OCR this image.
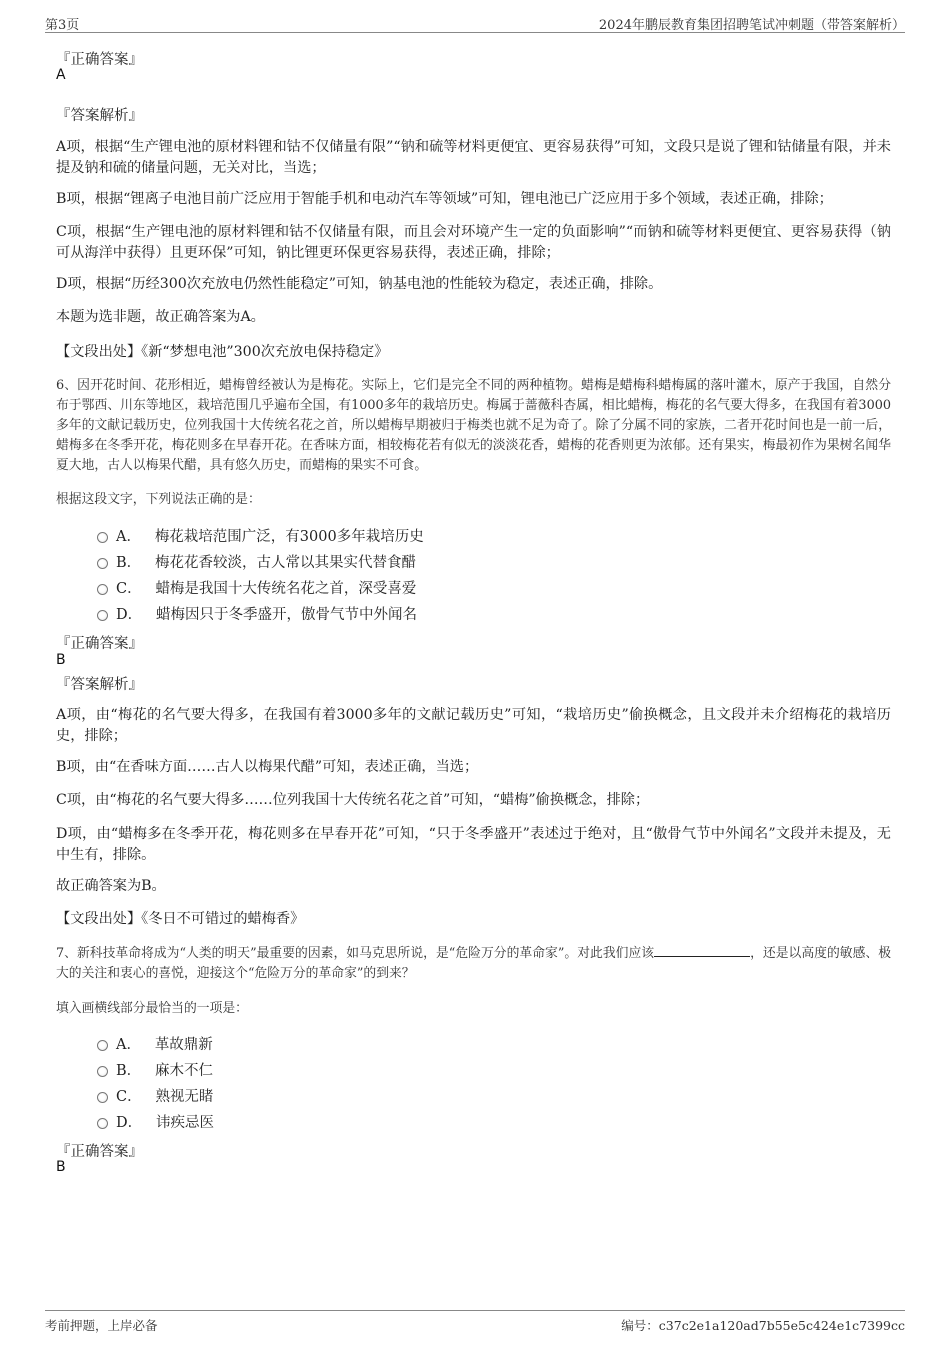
第3页	2024年鹏辰教育集团招聘笔试冲刺题（带答案解析）
『正确答案』
A
『答案解析』
A项，根据“生产锂电池的原材料锂和钴不仅储量有限”“钠和硫等材料更便宜、更容易获得”可知，文段只是说了锂和钴储量有限，并未提及钠和硫的储量问题，无关对比，当选；
B项，根据“锂离子电池目前广泛应用于智能手机和电动汽车等领域”可知，锂电池已广泛应用于多个领域，表述正确，排除；
C项，根据“生产锂电池的原材料锂和钴不仅储量有限，而且会对环境产生一定的负面影响”“而钠和硫等材料更便宜、更容易获得（钠可从海洋中获得）且更环保”可知，钠比锂更环保更容易获得，表述正确，排除；
D项，根据“历经300次充放电仍然性能稳定”可知，钠基电池的性能较为稳定，表述正确，排除。
本题为选非题，故正确答案为A。
【文段出处】《新“梦想电池”300次充放电保持稳定》
6、因开花时间、花形相近，蜡梅曾经被认为是梅花。实际上，它们是完全不同的两种植物。蜡梅是蜡梅科蜡梅属的落叶灌木，原产于我国，自然分布于鄂西、川东等地区，栽培范围几乎遍布全国，有1000多年的栽培历史。梅属于蔷薇科杏属，相比蜡梅，梅花的名气要大得多，在我国有着3000多年的文献记载历史，位列我国十大传统名花之首，所以蜡梅早期被归于梅类也就不足为奇了。除了分属不同的家族，二者开花时间也是一前一后，蜡梅多在冬季开花，梅花则多在早春开花。在香味方面，相较梅花若有似无的淡淡花香，蜡梅的花香则更为浓郁。还有果实，梅最初作为果树名闻华夏大地，古人以梅果代醋，具有悠久历史，而蜡梅的果实不可食。
根据这段文字，下列说法正确的是：
A． 梅花栽培范围广泛，有3000多年栽培历史
B． 梅花花香较淡，古人常以其果实代替食醋
C． 蜡梅是我国十大传统名花之首，深受喜爱
D． 蜡梅因只于冬季盛开，傲骨气节中外闻名
『正确答案』
B
『答案解析』
A项，由“梅花的名气要大得多，在我国有着3000多年的文献记载历史”可知，“栽培历史”偷换概念，且文段并未介绍梅花的栽培历史，排除；
B项，由“在香味方面……古人以梅果代醋”可知，表述正确，当选；
C项，由“梅花的名气要大得多……位列我国十大传统名花之首”可知，“蜡梅”偷换概念，排除；
D项，由“蜡梅多在冬季开花，梅花则多在早春开花”可知，“只于冬季盛开”表述过于绝对，且“傲骨气节中外闻名”文段并未提及，无中生有，排除。
故正确答案为B。
【文段出处】《冬日不可错过的蜡梅香》
7、新科技革命将成为“人类的明天”最重要的因素，如马克思所说，是“危险万分的革命家”。对此我们应该	，还是以高度的敏感、极大的关注和衷心的喜悦，迎接这个“危险万分的革命家”的到来？
填入画横线部分最恰当的一项是：
A． 革故鼎新
B． 麻木不仁
C． 熟视无睹
D． 讳疾忌医
『正确答案』
B
考前押题，上岸必备	编号：c37c2e1a120ad7b55e5c424e1c7399cc
